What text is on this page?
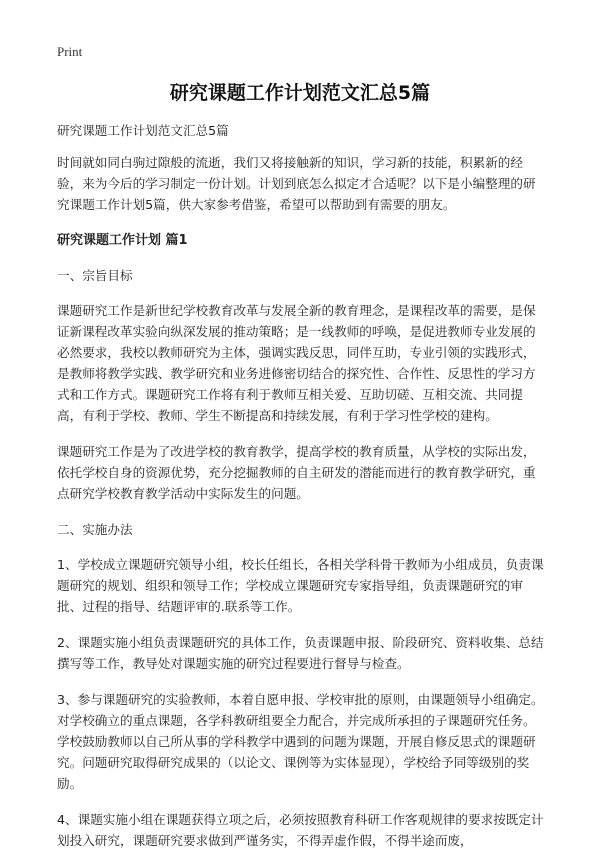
Print
研究课题工作计划范文汇总5篇

研究课题工作计划范文汇总5篇

时间就如同白驹过隙般的流逝，我们又将接触新的知识，学习新的技能，积累新的经验，来为今后的学习制定一份计划。计划到底怎么拟定才合适呢？以下是小编整理的研究课题工作计划5篇，供大家参考借鉴，希望可以帮助到有需要的朋友。

研究课题工作计划 篇1

一、宗旨目标

课题研究工作是新世纪学校教育改革与发展全新的教育理念，是课程改革的需要，是保证新课程改革实验向纵深发展的推动策略；是一线教师的呼唤，是促进教师专业发展的必然要求，我校以教师研究为主体，强调实践反思，同伴互助，专业引领的实践形式，是教师将教学实践、教学研究和业务进修密切结合的探究性、合作性、反思性的学习方式和工作方式。课题研究工作将有利于教师互相关爱、互助切磋、互相交流、共同提高，有利于学校、教师、学生不断提高和持续发展，有利于学习性学校的建构。

课题研究工作是为了改进学校的教育教学，提高学校的教育质量，从学校的实际出发，依托学校自身的资源优势，充分挖掘教师的自主研发的潜能而进行的教育教学研究，重点研究学校教育教学活动中实际发生的问题。

二、实施办法

1、学校成立课题研究领导小组，校长任组长，各相关学科骨干教师为小组成员，负责课题研究的规划、组织和领导工作；学校成立课题研究专家指导组，负责课题研究的审批、过程的指导、结题评审的.联系等工作。

2、课题实施小组负责课题研究的具体工作，负责课题申报、阶段研究、资料收集、总结撰写等工作，教导处对课题实施的研究过程要进行督导与检查。

3、参与课题研究的实验教师，本着自愿申报、学校审批的原则，由课题领导小组确定。对学校确立的重点课题，各学科教研组要全力配合，并完成所承担的子课题研究任务。学校鼓励教师以自己所从事的学科教学中遇到的问题为课题，开展自修反思式的课题研究。问题研究取得研究成果的（以论文、课例等为实体显现），学校给予同等级别的奖励。

4、课题实施小组在课题获得立项之后，必须按照教育科研工作客观规律的要求按既定计划投入研究，课题研究要求做到严谨务实，不得弄虚作假，不得半途而废，
